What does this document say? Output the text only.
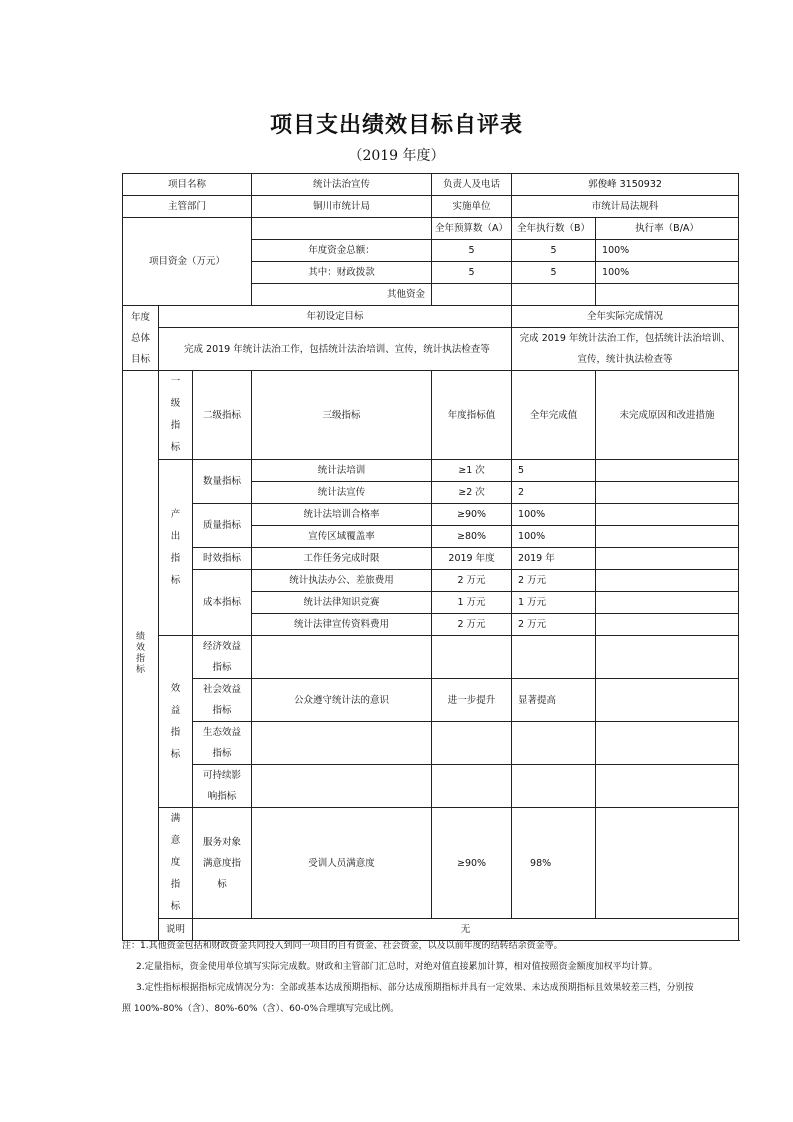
项目支出绩效目标自评表
（2019 年度）
项目名称			统计法治宣传	负责人及电话	郭俊峰 3150932	
主管部门			铜川市统计局	实施单位	市统计局法规科	
项目资金（万元）				全年预算数（A）	全年执行数（B）	执行率（B/A）
			年度资金总额：	5	5	100%
			其中：财政拨款	5	5	100%
			其他资金			
年度
总体
目标	年初设定目标				全年实际完成情况	

	完成 2019 年统计法治工作，包括统计法治培训、宣传，统计执法检查等				完成 2019 年统计法治工作，包括统计法治培训、宣传，统计执法检查等	

绩效指标	一级指标	二级指标	三级指标	年度指标值	全年完成值	未完成原因和改进措施
	产出指标	数量指标	统计法培训	≥1 次	5	
			统计法宣传	≥2 次	2	
		质量指标	统计法培训合格率	≥90%	100%	
			宣传区域覆盖率	≥80%	100%	
		时效指标	工作任务完成时限	2019 年度	2019 年	
		成本指标	统计执法办公、差旅费用	2 万元	2 万元	
			统计法律知识竞赛	1 万元	1 万元	
			统计法律宣传资料费用	2 万元	2 万元	
	效益指标	经济效益
指标				
		社会效益
指标	公众遵守统计法的意识	进一步提升	显著提高	
		生态效益
指标				
		可持续影
响指标				
	满意度指标	服务对象
满意度指
标	受训人员满意度	≥90%	98%	
	说明	无				

注：1.其他资金包括和财政资金共同投入到同一项目的自有资金、社会资金，以及以前年度的结转结余资金等。

2.定量指标，资金使用单位填写实际完成数。财政和主管部门汇总时，对绝对值直接累加计算，相对值按照资金额度加权平均计算。

3.定性指标根据指标完成情况分为：全部或基本达成预期指标、部分达成预期指标并具有一定效果、未达成预期指标且效果较差三档，分别按

照 100%-80%（含）、80%-60%（含）、60-0%合理填写完成比例。
